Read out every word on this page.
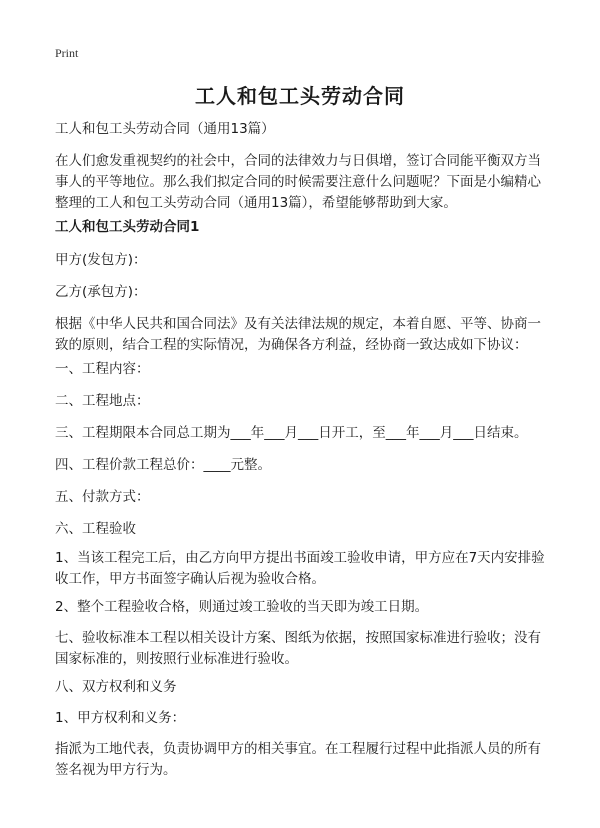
Print
工人和包工头劳动合同

工人和包工头劳动合同（通用13篇）

在人们愈发重视契约的社会中，合同的法律效力与日俱增，签订合同能平衡双方当

事人的平等地位。那么我们拟定合同的时候需要注意什么问题呢？下面是小编精心

整理的工人和包工头劳动合同（通用13篇），希望能够帮助到大家。

工人和包工头劳动合同1

甲方(发包方)：

乙方(承包方)：

根据《中华人民共和国合同法》及有关法律法规的规定，本着自愿、平等、协商一

致的原则，结合工程的实际情况，为确保各方利益，经协商一致达成如下协议：

一、工程内容：

二、工程地点：

三、工程期限本合同总工期为___年___月___日开工，至___年___月___日结束。

四、工程价款工程总价：____元整。

五、付款方式：

六、工程验收

1、当该工程完工后，由乙方向甲方提出书面竣工验收申请，甲方应在7天内安排验

收工作，甲方书面签字确认后视为验收合格。

2、整个工程验收合格，则通过竣工验收的当天即为竣工日期。

七、验收标准本工程以相关设计方案、图纸为依据，按照国家标准进行验收；没有

国家标准的，则按照行业标准进行验收。

八、双方权利和义务

1、甲方权利和义务：

指派为工地代表，负责协调甲方的相关事宜。在工程履行过程中此指派人员的所有

签名视为甲方行为。
